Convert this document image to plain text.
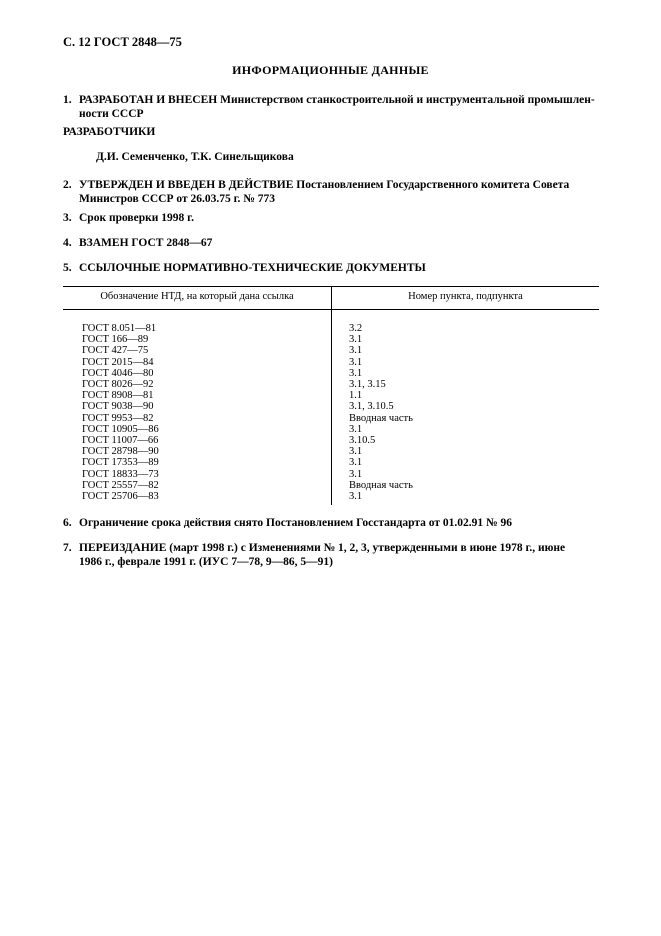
С. 12 ГОСТ 2848—75
ИНФОРМАЦИОННЫЕ ДАННЫЕ
1. РАЗРАБОТАН И ВНЕСЕН Министерством станкостроительной и инструментальной промышлен-
ности СССР
РАЗРАБОТЧИКИ
Д.И. Семенченко, Т.К. Синельщикова
2. УТВЕРЖДЕН И ВВЕДЕН В ДЕЙСТВИЕ Постановлением Государственного комитета Совета
Министров СССР от 26.03.75 г. № 773
3. Срок проверки 1998 г.
4. ВЗАМЕН ГОСТ 2848—67
5. ССЫЛОЧНЫЕ НОРМАТИВНО-ТЕХНИЧЕСКИЕ ДОКУМЕНТЫ
Обозначение НТД, на который дана ссылка	Номер пункта, подпункта
ГОСТ 8.051—81	3.2
ГОСТ 166—89	3.1
ГОСТ 427—75	3.1
ГОСТ 2015—84	3.1
ГОСТ 4046—80	3.1
ГОСТ 8026—92	3.1, 3.15
ГОСТ 8908—81	1.1
ГОСТ 9038—90	3.1, 3.10.5
ГОСТ 9953—82	Вводная часть
ГОСТ 10905—86	3.1
ГОСТ 11007—66	3.10.5
ГОСТ 28798—90	3.1
ГОСТ 17353—89	3.1
ГОСТ 18833—73	3.1
ГОСТ 25557—82	Вводная часть
ГОСТ 25706—83	3.1
6. Ограничение срока действия снято Постановлением Госстандарта от 01.02.91 № 96
7. ПЕРЕИЗДАНИЕ (март 1998 г.) с Изменениями № 1, 2, 3, утвержденными в июне 1978 г., июне
1986 г., феврале 1991 г. (ИУС 7—78, 9—86, 5—91)
